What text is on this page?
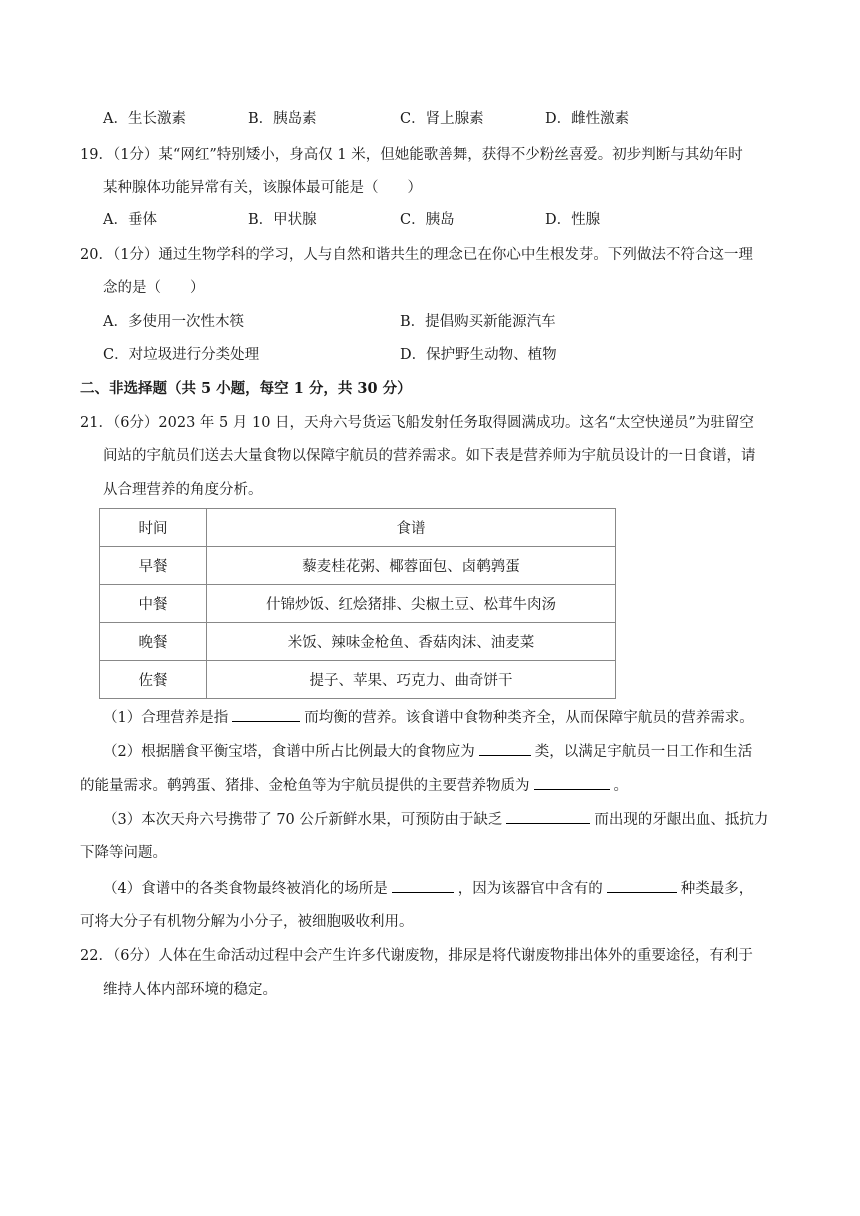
A．生长激素	B．胰岛素	C．肾上腺素	D．雌性激素
19．（1分）某“网红”特别矮小，身高仅 1 米，但她能歌善舞，获得不少粉丝喜爱。初步判断与其幼年时
某种腺体功能异常有关，该腺体最可能是（　　）
A．垂体	B．甲状腺	C．胰岛	D．性腺
20．（1分）通过生物学科的学习，人与自然和谐共生的理念已在你心中生根发芽。下列做法不符合这一理
念的是（　　）
A．多使用一次性木筷	B．提倡购买新能源汽车
C．对垃圾进行分类处理	D．保护野生动物、植物
二、非选择题（共 5 小题，每空 1 分，共 30 分）
21．（6分）2023 年 5 月 10 日，天舟六号货运飞船发射任务取得圆满成功。这名“太空快递员”为驻留空
间站的宇航员们送去大量食物以保障宇航员的营养需求。如下表是营养师为宇航员设计的一日食谱，请
从合理营养的角度分析。
时间	食谱
早餐	藜麦桂花粥、椰蓉面包、卤鹌鹑蛋
中餐	什锦炒饭、红烩猪排、尖椒土豆、松茸牛肉汤
晚餐	米饭、辣味金枪鱼、香菇肉沫、油麦菜
佐餐	提子、苹果、巧克力、曲奇饼干
（1）合理营养是指	而均衡的营养。该食谱中食物种类齐全，从而保障宇航员的营养需求。
（2）根据膳食平衡宝塔，食谱中所占比例最大的食物应为	类，以满足宇航员一日工作和生活
的能量需求。鹌鹑蛋、猪排、金枪鱼等为宇航员提供的主要营养物质为	。
（3）本次天舟六号携带了 70 公斤新鲜水果，可预防由于缺乏	而出现的牙龈出血、抵抗力
下降等问题。
（4）食谱中的各类食物最终被消化的场所是	，因为该器官中含有的	种类最多，
可将大分子有机物分解为小分子，被细胞吸收利用。
22．（6分）人体在生命活动过程中会产生许多代谢废物，排尿是将代谢废物排出体外的重要途径，有利于
维持人体内部环境的稳定。
